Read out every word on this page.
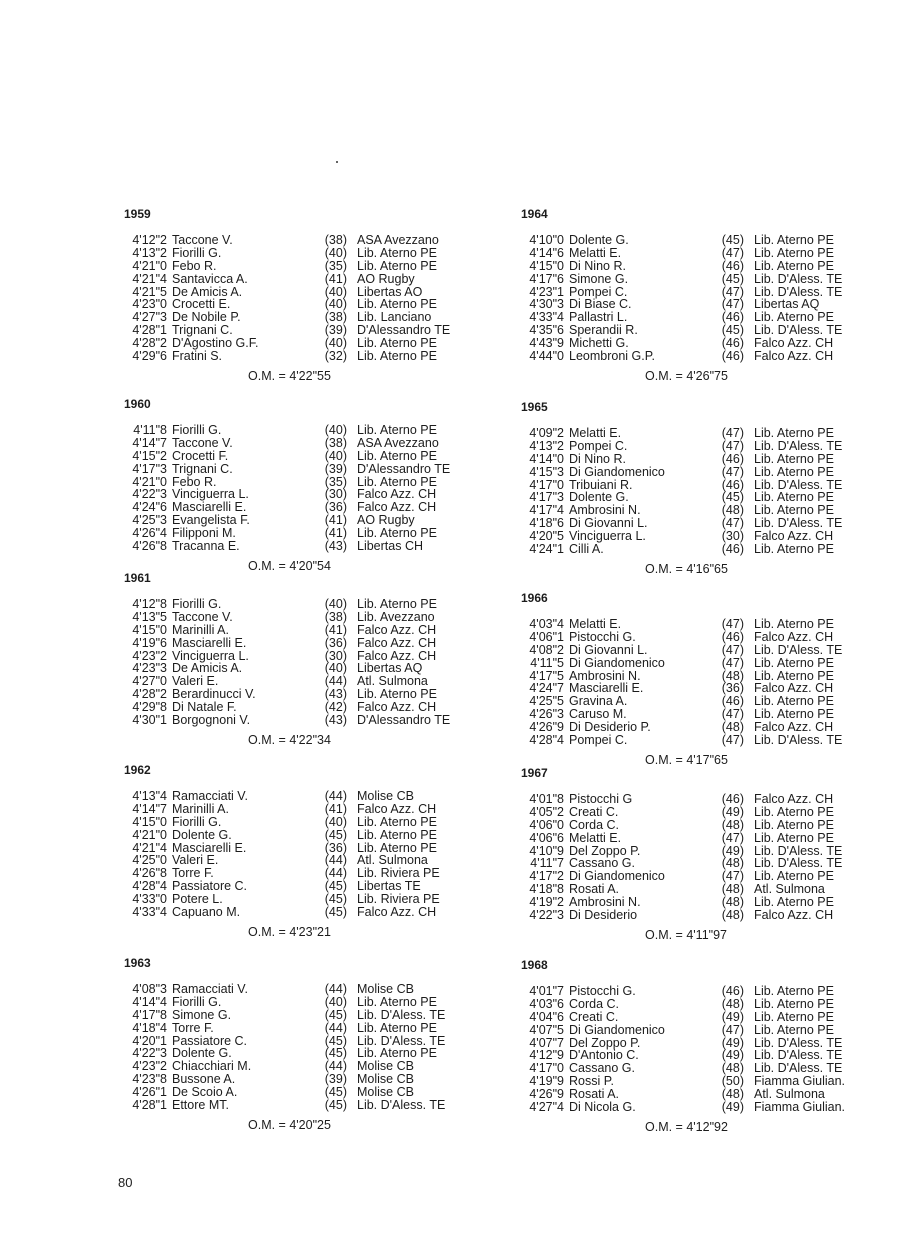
1959
4'12"2 Taccone V.	(38) ASA Avezzano
4'13"2 Fiorilli G.	(40) Lib. Aterno PE
4'21"0 Febo R.	(35) Lib. Aterno PE
4'21"4 Santavicca A.	(41) AO Rugby
4'21"5 De Amicis A.	(40) Libertas AO
4'23"0 Crocetti E.	(40) Lib. Aterno PE
4'27"3 De Nobile P.	(38) Lib. Lanciano
4'28"1 Trignani C.	(39) D'Alessandro TE
4'28"2 D'Agostino G.F.	(40) Lib. Aterno PE
4'29"6 Fratini S.	(32) Lib. Aterno PE
O.M. = 4'22"55
1960
4'11"8 Fiorilli G.	(40) Lib. Aterno PE
4'14"7 Taccone V.	(38) ASA Avezzano
4'15"2 Crocetti F.	(40) Lib. Aterno PE
4'17"3 Trignani C.	(39) D'Alessandro TE
4'21"0 Febo R.	(35) Lib. Aterno PE
4'22"3 Vinciguerra L.	(30) Falco Azz. CH
4'24"6 Masciarelli E.	(36) Falco Azz. CH
4'25"3 Evangelista F.	(41) AO Rugby
4'26"4 Filipponi M.	(41) Lib. Aterno PE
4'26"8 Tracanna E.	(43) Libertas CH
O.M. = 4'20"54
1961
4'12"8 Fiorilli G.	(40) Lib. Aterno PE
4'13"5 Taccone V.	(38) Lib. Avezzano
4'15"0 Marinilli A.	(41) Falco Azz. CH
4'19"6 Masciarelli E.	(36) Falco Azz. CH
4'23"2 Vinciguerra L.	(30) Falco Azz. CH
4'23"3 De Amicis A.	(40) Libertas AQ
4'27"0 Valeri E.	(44) Atl. Sulmona
4'28"2 Berardinucci V.	(43) Lib. Aterno PE
4'29"8 Di Natale F.	(42) Falco Azz. CH
4'30"1 Borgognoni V.	(43) D'Alessandro TE
O.M. = 4'22"34
1962
4'13"4 Ramacciati V.	(44) Molise CB
4'14"7 Marinilli A.	(41) Falco Azz. CH
4'15"0 Fiorilli G.	(40) Lib. Aterno PE
4'21"0 Dolente G.	(45) Lib. Aterno PE
4'21"4 Masciarelli E.	(36) Lib. Aterno PE
4'25"0 Valeri E.	(44) Atl. Sulmona
4'26"8 Torre F.	(44) Lib. Riviera PE
4'28"4 Passiatore C.	(45) Libertas TE
4'33"0 Potere L.	(45) Lib. Riviera PE
4'33"4 Capuano M.	(45) Falco Azz. CH
O.M. = 4'23"21
1963
4'08"3 Ramacciati V.	(44) Molise CB
4'14"4 Fiorilli G.	(40) Lib. Aterno PE
4'17"8 Simone G.	(45) Lib. D'Aless. TE
4'18"4 Torre F.	(44) Lib. Aterno PE
4'20"1 Passiatore C.	(45) Lib. D'Aless. TE
4'22"3 Dolente G.	(45) Lib. Aterno PE
4'23"2 Chiacchiari M.	(44) Molise CB
4'23"8 Bussone A.	(39) Molise CB
4'26"1 De Scoio A.	(45) Molise CB
4'28"1 Ettore MT.	(45) Lib. D'Aless. TE
O.M. = 4'20"25
1964
4'10"0 Dolente G.	(45) Lib. Aterno PE
4'14"6 Melatti E.	(47) Lib. Aterno PE
4'15"0 Di Nino R.	(46) Lib. Aterno PE
4'17"6 Simone G.	(45) Lib. D'Aless. TE
4'23"1 Pompei C.	(47) Lib. D'Aless. TE
4'30"3 Di Biase C.	(47) Libertas AQ
4'33"4 Pallastri L.	(46) Lib. Aterno PE
4'35"6 Sperandii R.	(45) Lib. D'Aless. TE
4'43"9 Michetti G.	(46) Falco Azz. CH
4'44"0 Leombroni G.P.	(46) Falco Azz. CH
O.M. = 4'26"75
1965
4'09"2 Melatti E.	(47) Lib. Aterno PE
4'13"2 Pompei C.	(47) Lib. D'Aless. TE
4'14"0 Di Nino R.	(46) Lib. Aterno PE
4'15"3 Di Giandomenico	(47) Lib. Aterno PE
4'17"0 Tribuiani R.	(46) Lib. D'Aless. TE
4'17"3 Dolente G.	(45) Lib. Aterno PE
4'17"4 Ambrosini N.	(48) Lib. Aterno PE
4'18"6 Di Giovanni L.	(47) Lib. D'Aless. TE
4'20"5 Vinciguerra L.	(30) Falco Azz. CH
4'24"1 Cilli A.	(46) Lib. Aterno PE
O.M. = 4'16"65
1966
4'03"4 Melatti E.	(47) Lib. Aterno PE
4'06"1 Pistocchi G.	(46) Falco Azz. CH
4'08"2 Di Giovanni L.	(47) Lib. D'Aless. TE
4'11"5 Di Giandomenico	(47) Lib. Aterno PE
4'17"5 Ambrosini N.	(48) Lib. Aterno PE
4'24"7 Masciarelli E.	(36) Falco Azz. CH
4'25"5 Gravina A.	(46) Lib. Aterno PE
4'26"3 Caruso M.	(47) Lib. Aterno PE
4'26"9 Di Desiderio P.	(48) Falco Azz. CH
4'28"4 Pompei C.	(47) Lib. D'Aless. TE
O.M. = 4'17"65
1967
4'01"8 Pistocchi G	(46) Falco Azz. CH
4'05"2 Creati C.	(49) Lib. Aterno PE
4'06"0 Corda C.	(48) Lib. Aterno PE
4'06"6 Melatti E.	(47) Lib. Aterno PE
4'10"9 Del Zoppo P.	(49) Lib. D'Aless. TE
4'11"7 Cassano G.	(48) Lib. D'Aless. TE
4'17"2 Di Giandomenico	(47) Lib. Aterno PE
4'18"8 Rosati A.	(48) Atl. Sulmona
4'19"2 Ambrosini N.	(48) Lib. Aterno PE
4'22"3 Di Desiderio	(48) Falco Azz. CH
O.M. = 4'11"97
1968
4'01"7 Pistocchi G.	(46) Lib. Aterno PE
4'03"6 Corda C.	(48) Lib. Aterno PE
4'04"6 Creati C.	(49) Lib. Aterno PE
4'07"5 Di Giandomenico	(47) Lib. Aterno PE
4'07"7 Del Zoppo P.	(49) Lib. D'Aless. TE
4'12"9 D'Antonio C.	(49) Lib. D'Aless. TE
4'17"0 Cassano G.	(48) Lib. D'Aless. TE
4'19"9 Rossi P.	(50) Fiamma Giulian.
4'26"9 Rosati A.	(48) Atl. Sulmona
4'27"4 Di Nicola G.	(49) Fiamma Giulian.
O.M. = 4'12"92
80
